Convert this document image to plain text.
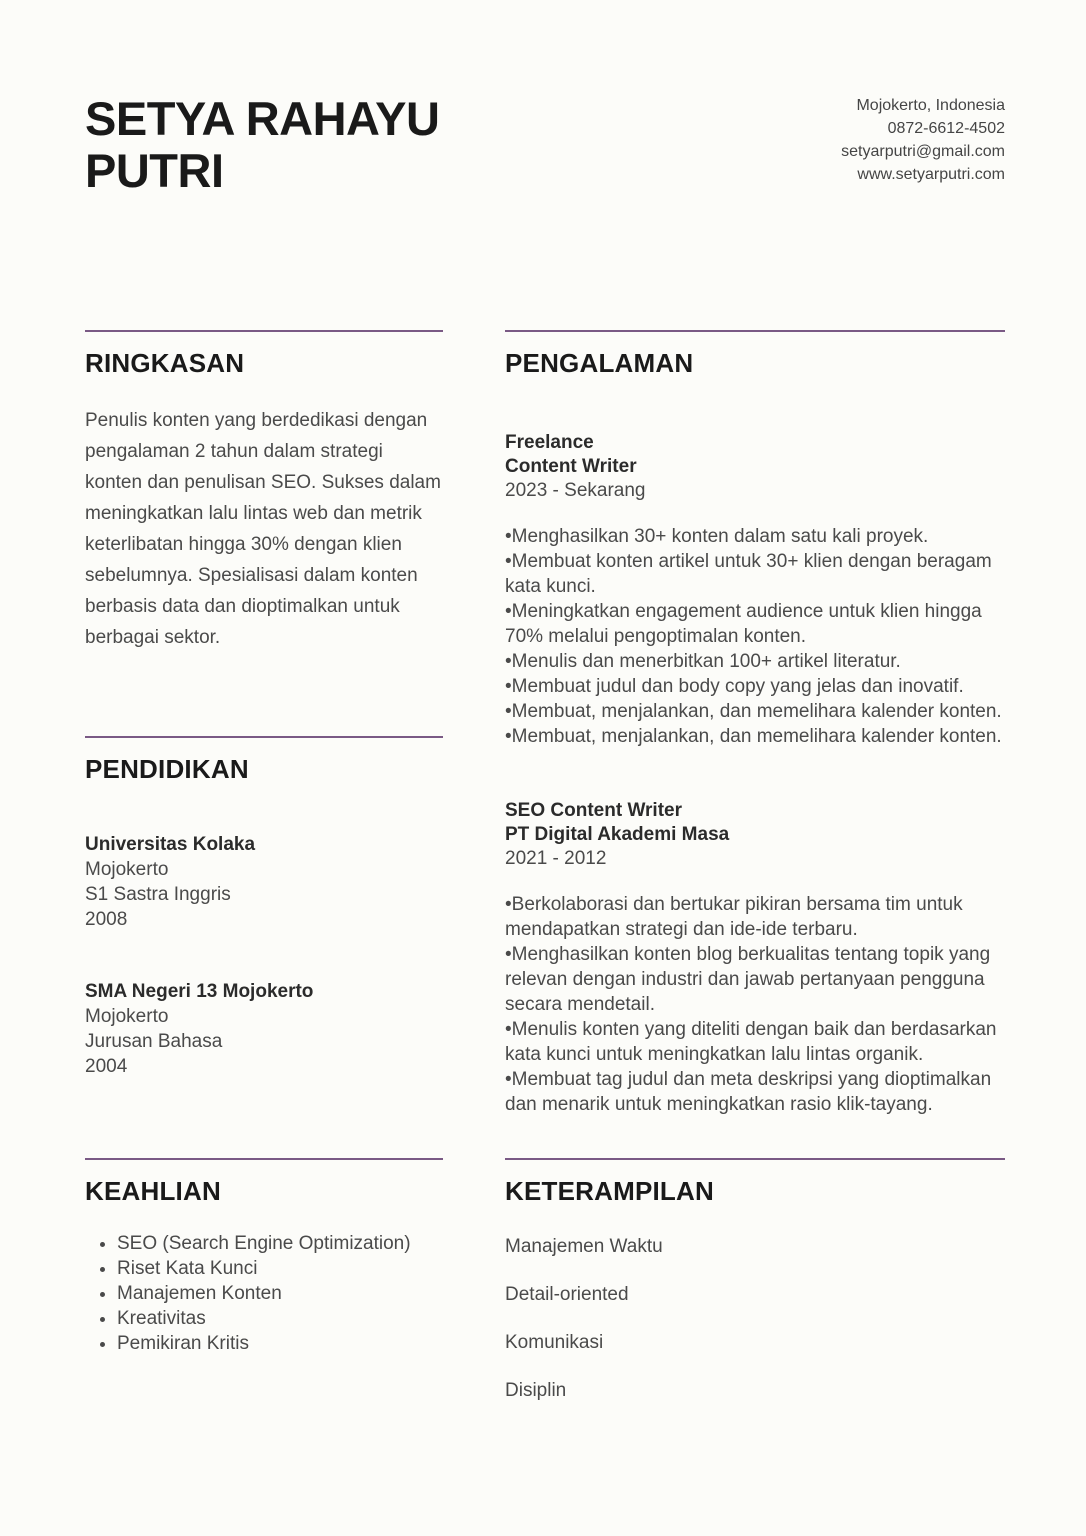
SETYA RAHAYU
PUTRI
Mojokerto, Indonesia
0872-6612-4502
setyarputri@gmail.com
www.setyarputri.com
RINGKASAN

Penulis konten yang berdedikasi dengan pengalaman 2 tahun dalam strategi konten dan penulisan SEO. Sukses dalam meningkatkan lalu lintas web dan metrik keterlibatan hingga 30% dengan klien sebelumnya. Spesialisasi dalam konten berbasis data dan dioptimalkan untuk berbagai sektor.

PENGALAMAN
Freelance
Content Writer
2023 - Sekarang
• Menghasilkan 30+ konten dalam satu kali proyek.
• Membuat konten artikel untuk 30+ klien dengan beragam kata kunci.
• Meningkatkan engagement audience untuk klien hingga 70% melalui pengoptimalan konten.
• Menulis dan menerbitkan 100+ artikel literatur.
• Membuat judul dan body copy yang jelas dan inovatif.
• Membuat, menjalankan, dan memelihara kalender konten.
• Membuat, menjalankan, dan memelihara kalender konten.
SEO Content Writer
PT Digital Akademi Masa
2021 - 2012
• Berkolaborasi dan bertukar pikiran bersama tim untuk mendapatkan strategi dan ide-ide terbaru.
• Menghasilkan konten blog berkualitas tentang topik yang relevan dengan industri dan jawab pertanyaan pengguna secara mendetail.
• Menulis konten yang diteliti dengan baik dan berdasarkan kata kunci untuk meningkatkan lalu lintas organik.
• Membuat tag judul dan meta deskripsi yang dioptimalkan dan menarik untuk meningkatkan rasio klik-tayang.
PENDIDIKAN
Universitas Kolaka
Mojokerto
S1 Sastra Inggris
2008
SMA Negeri 13 Mojokerto
Mojokerto
Jurusan Bahasa
2004
KEAHLIAN
• SEO (Search Engine Optimization)
• Riset Kata Kunci
• Manajemen Konten
• Kreativitas
• Pemikiran Kritis
KETERAMPILAN
Manajemen Waktu
Detail-oriented
Komunikasi
Disiplin
